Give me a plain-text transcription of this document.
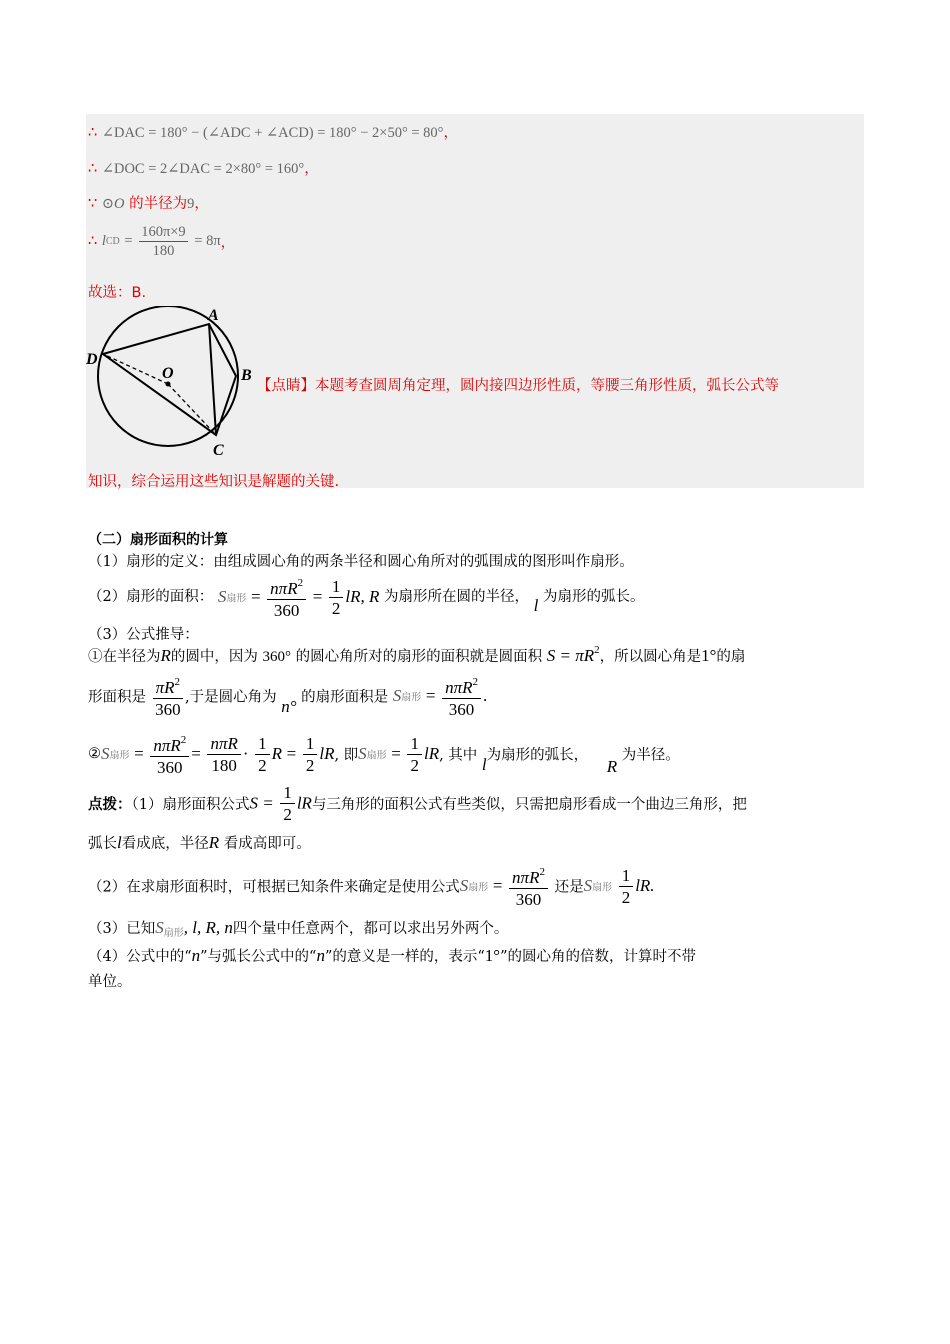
∴ ∠DAC = 180° − (∠ADC + ∠ACD) = 180° − 2×50° = 80°，
∴ ∠DOC = 2∠DAC = 2×80° = 160°，
∵ ⊙O 的半径为9，
∴ lCD = $\frac{160\pi\times 9}{180} = 8\pi$，
故选：B.
A
B
C
D
O
【点睛】本题考查圆周角定理，圆内接四边形性质，等腰三角形性质，弧长公式等
知识，综合运用这些知识是解题的关键.
（二）扇形面积的计算
（1）扇形的定义：由组成圆心角的两条半径和圆心角所对的弧围成的图形叫作扇形。
（2）扇形的面积： S扇形 = $\frac{n\pi R^2}{360} = \frac{1}{2}$ lR, R 为扇形所在圆的半径， l 为扇形的弧长。
（3）公式推导：
①在半径为R的圆中，因为 360° 的圆心角所对的扇形的面积就是圆面积 $S = \pi R^2$，所以圆心角是1°的扇
形面积是 $\frac{\pi R^2}{360}$ ,于是圆心角为 n° 的扇形面积是 S扇形 = $\frac{n\pi R^2}{360}$ .
②S扇形 = $\frac{n\pi R^2}{360} = \frac{\text{nπR}}{180} \cdot \frac{1}{2}$ $R = \frac{1}{2}$ lR, 即S扇形 = $\frac{1}{2}$ lR, 其中 l为扇形的弧长， R 为半径。
点拨：（1）扇形面积公式$S = \frac{1}{2}$ lR与三角形的面积公式有些类似，只需把扇形看成一个曲边三角形，把
弧长l看成底，半径R 看成高即可。
（2）在求扇形面积时，可根据已知条件来确定是使用公式S扇形 = $\frac{n\pi R^2}{360}$ 还是S扇形 $\frac{1}{2}$ lR.
（3）已知$S_{扇形}$, l, R, n四个量中任意两个，都可以求出另外两个。
（4）公式中的“n”与弧长公式中的“n”的意义是一样的，表示“1°”的圆心角的倍数，计算时不带
单位。
